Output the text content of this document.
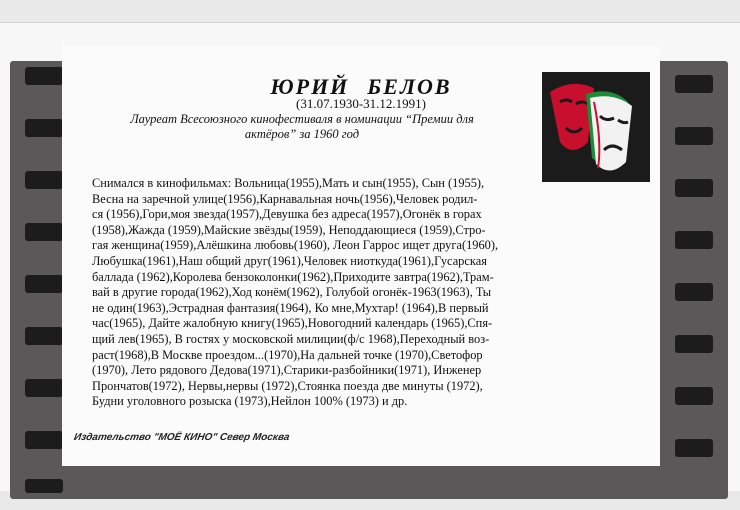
ЮРИЙ БЕЛОВ
(31.07.1930-31.12.1991)
Лауреат Всесоюзного кинофестиваля в номинации “Премии для
актёров” за 1960 год
Снимался в кинофильмах: Вольница(1955),Мать и сын(1955), Сын (1955),
Весна на заречной улице(1956),Карнавальная ночь(1956),Человек родил-
ся (1956),Гори,моя звезда(1957),Девушка без адреса(1957),Огонёк в горах
(1958),Жажда (1959),Майские звёзды(1959), Неподдающиеся (1959),Стро-
гая женщина(1959),Алёшкина любовь(1960), Леон Гаррос ищет друга(1960),
Любушка(1961),Наш общий друг(1961),Человек ниоткуда(1961),Гусарская
баллада (1962),Королева бензоколонки(1962),Приходите завтра(1962),Трам-
вай в другие города(1962),Ход конём(1962), Голубой огонёк-1963(1963), Ты
не один(1963),Эстрадная фантазия(1964), Ко мне,Мухтар! (1964),В первый
час(1965), Дайте жалобную книгу(1965),Новогодний календарь (1965),Спя-
щий лев(1965), В гостях у московской милиции(ф/с 1968),Переходный воз-
раст(1968),В Москве проездом...(1970),На дальней точке (1970),Светофор
(1970), Лето рядового Дедова(1971),Старики-разбойники(1971), Инженер
Прончатов(1972), Нервы,нервы (1972),Стоянка поезда две минуты (1972),
Будни уголовного розыска (1973),Нейлон 100% (1973) и др.
Издательство "МОЁ КИНО" Север Москва
